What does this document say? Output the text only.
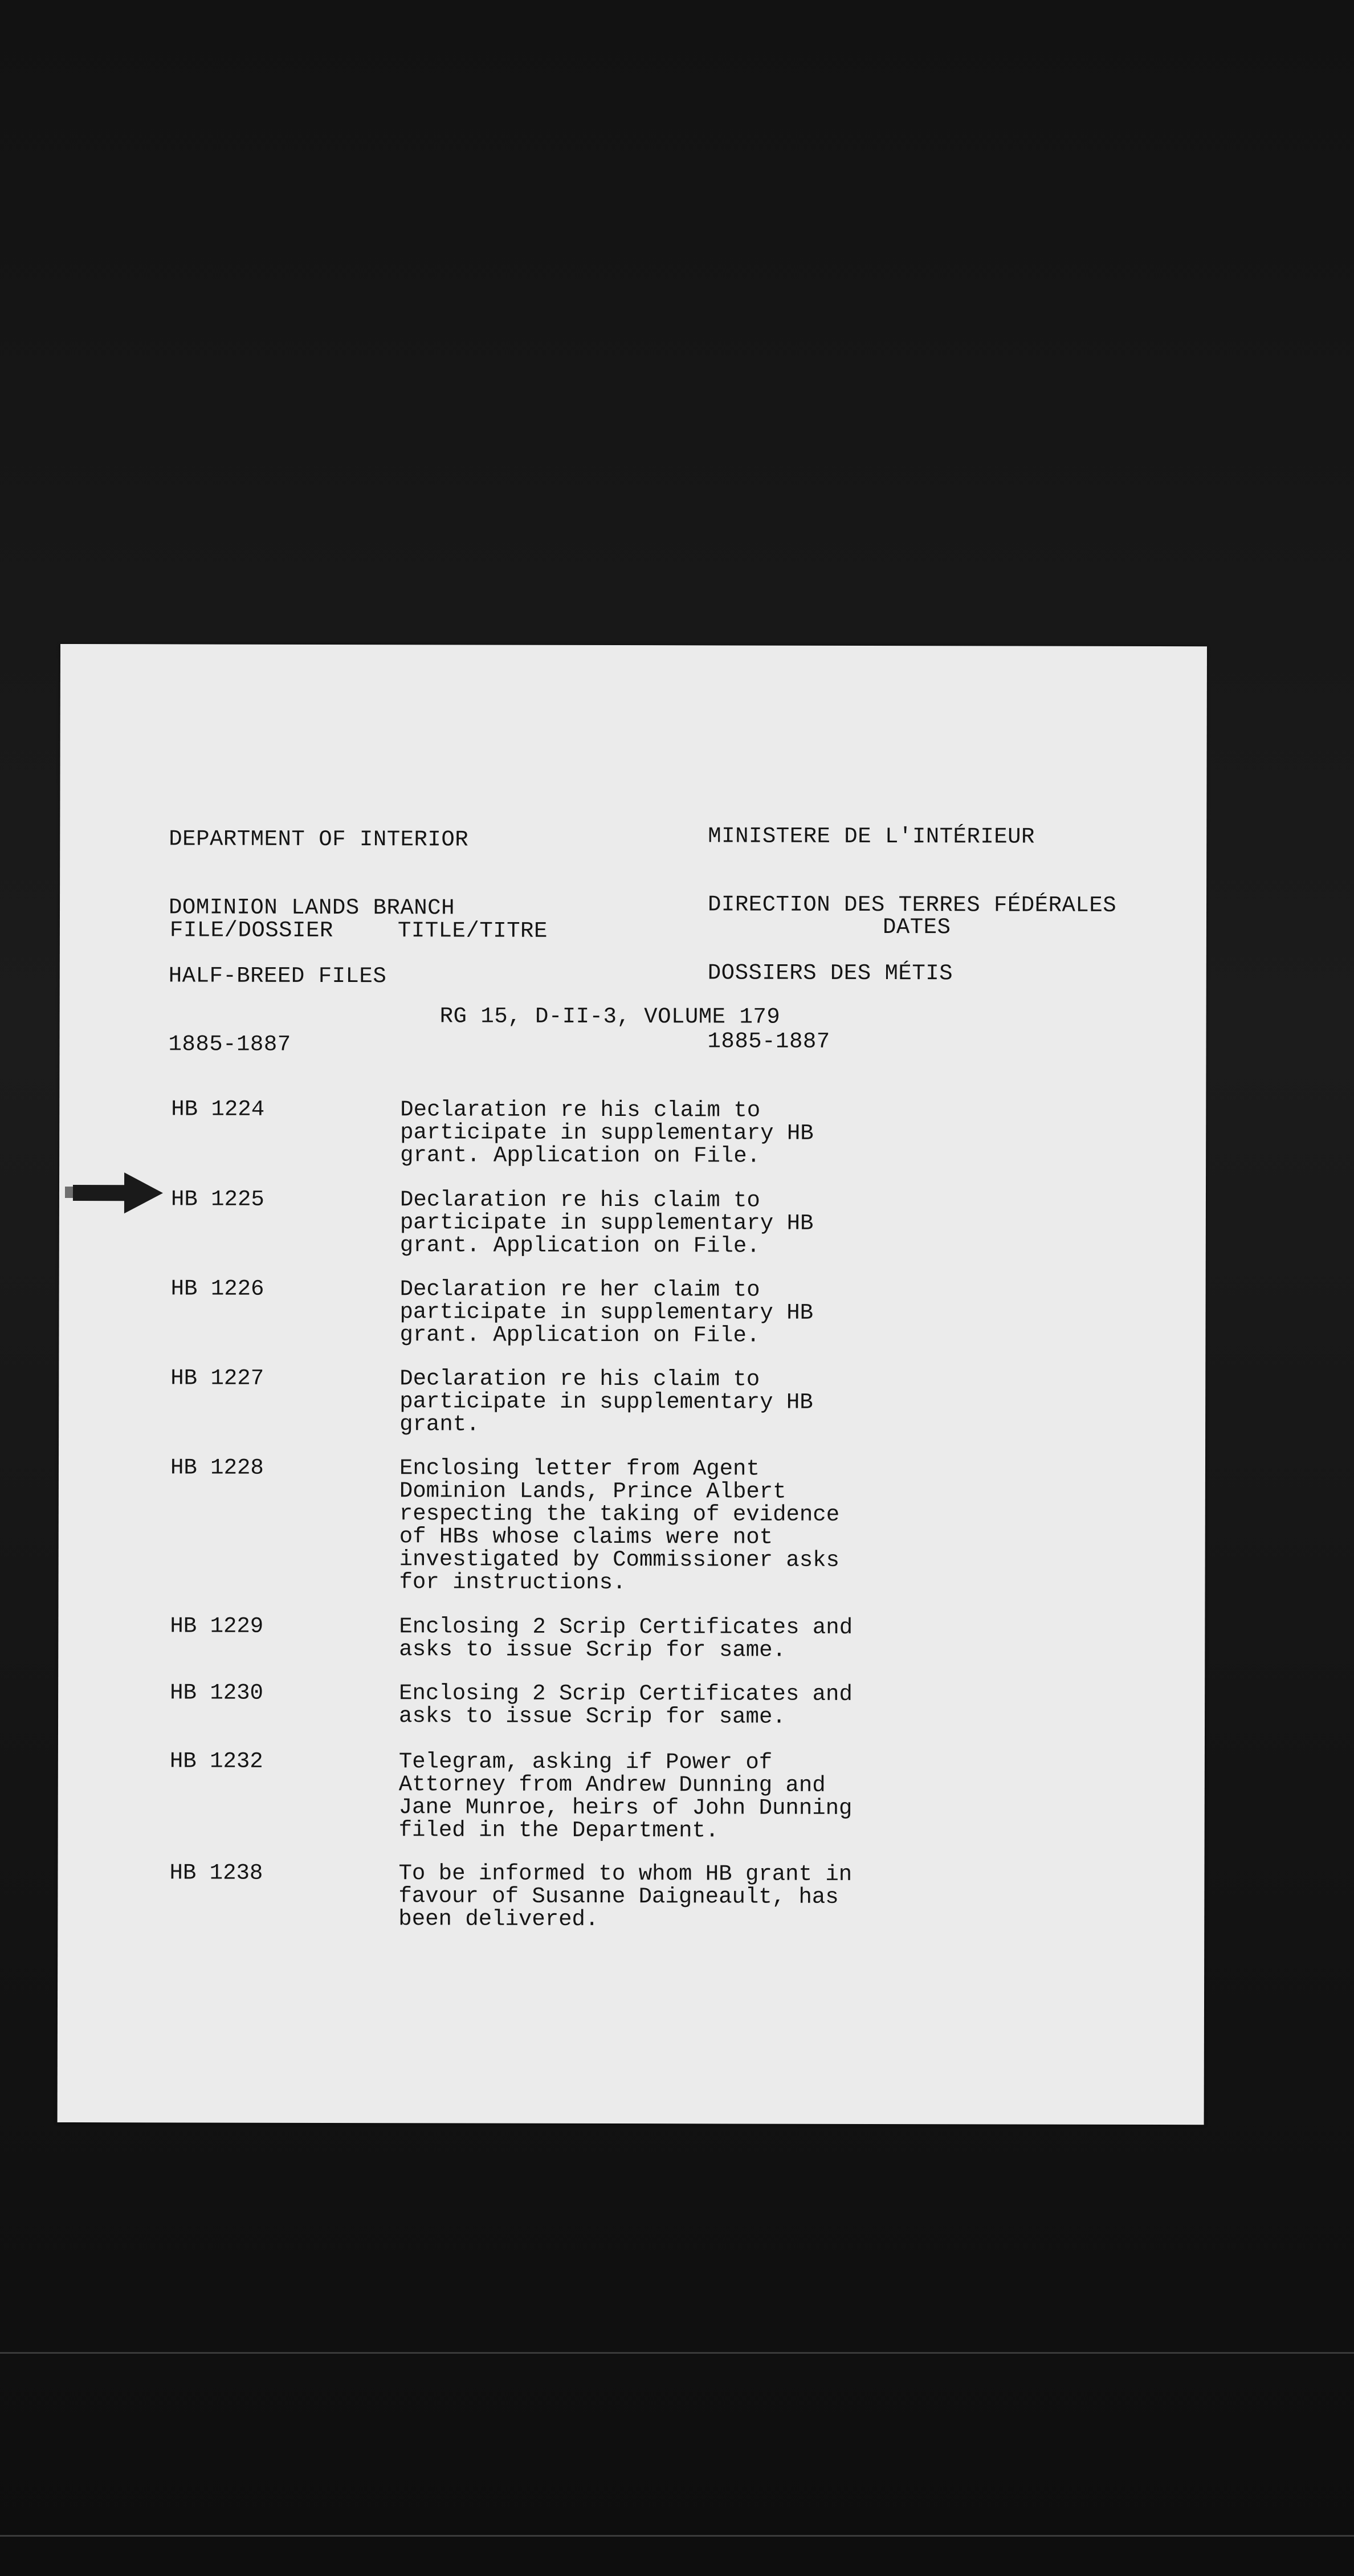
DEPARTMENT OF INTERIOR

DOMINION LANDS BRANCH

HALF-BREED FILES

1885-1887

MINISTERE DE L'INTÉRIEUR

DIRECTION DES TERRES FÉDÉRALES

DOSSIERS DES MÉTIS

1885-1887

FILE/DOSSIER	TITLE/TITRE	DATES
RG 15, D-II-3, VOLUME 179
HB 1224	Declaration re his claim to
participate in supplementary HB
grant. Application on File.
HB 1225	Declaration re his claim to
participate in supplementary HB
grant. Application on File.
HB 1226	Declaration re her claim to
participate in supplementary HB
grant. Application on File.
HB 1227	Declaration re his claim to
participate in supplementary HB
grant.
HB 1228	Enclosing letter from Agent
Dominion Lands, Prince Albert
respecting the taking of evidence
of HBs whose claims were not
investigated by Commissioner asks
for instructions.
HB 1229	Enclosing 2 Scrip Certificates and
asks to issue Scrip for same.
HB 1230	Enclosing 2 Scrip Certificates and
asks to issue Scrip for same.
HB 1232	Telegram, asking if Power of
Attorney from Andrew Dunning and
Jane Munroe, heirs of John Dunning
filed in the Department.
HB 1238	To be informed to whom HB grant in
favour of Susanne Daigneault, has
been delivered.
